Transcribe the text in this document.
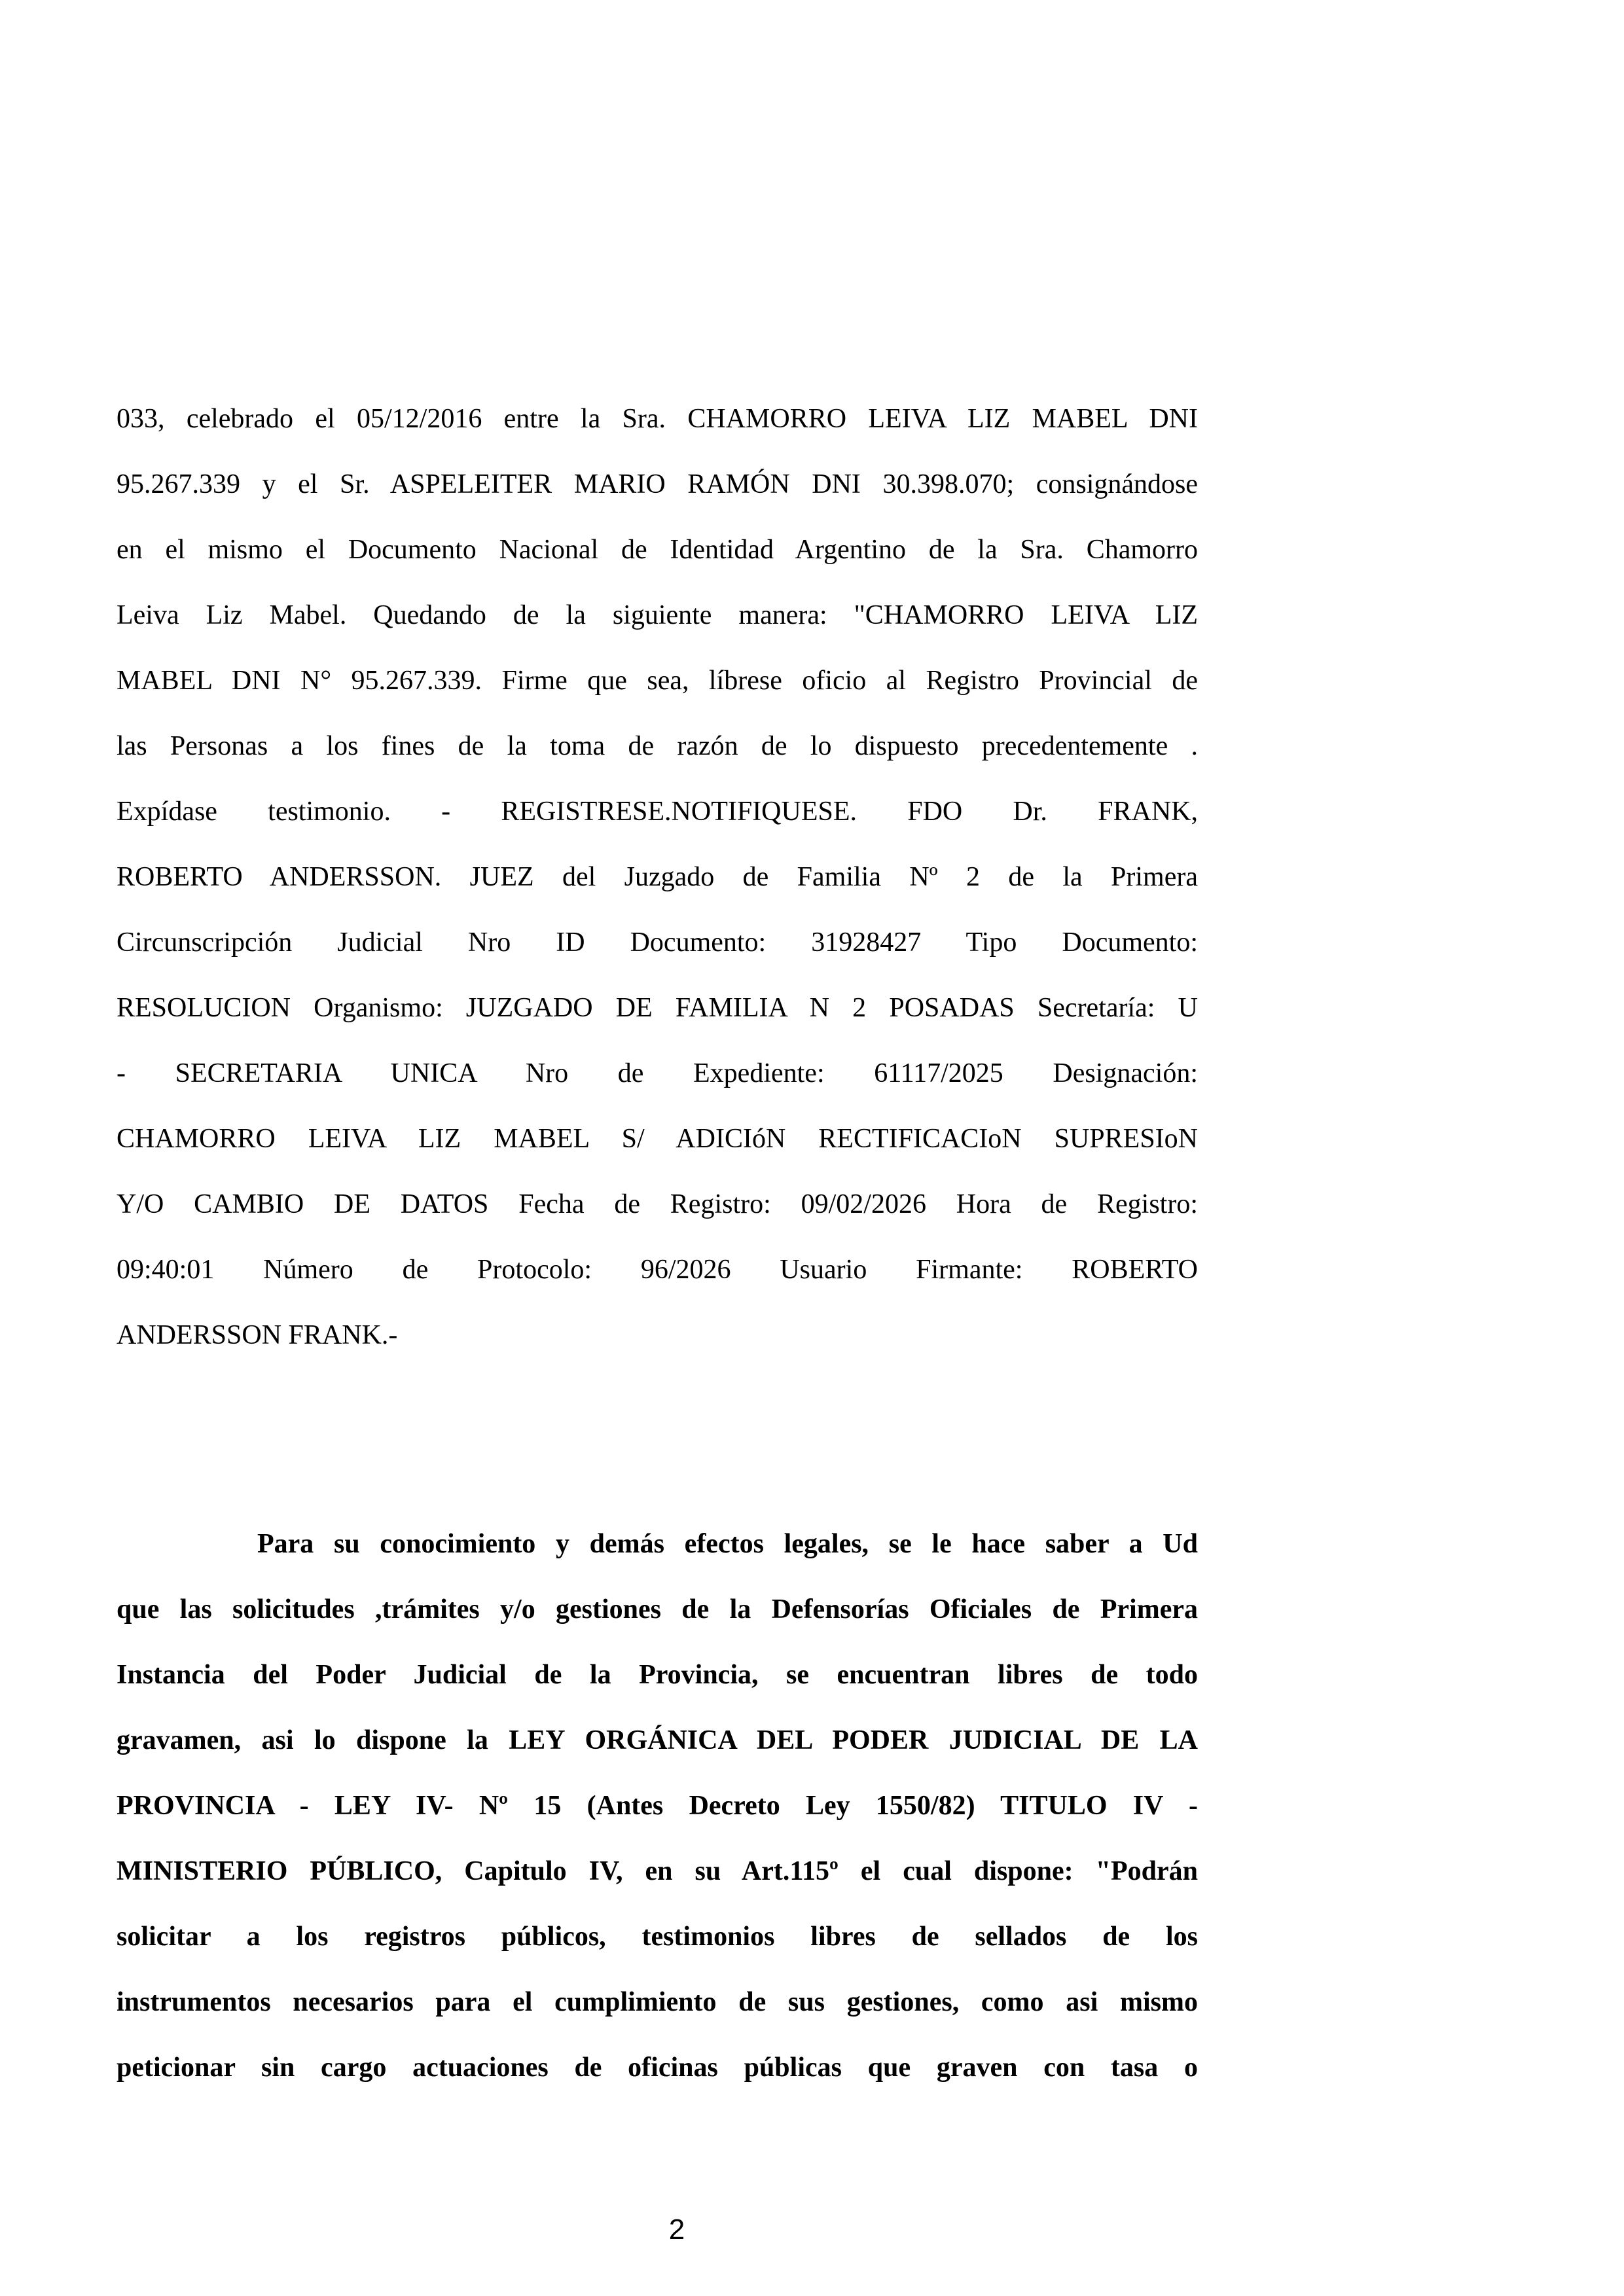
033, celebrado el 05/12/2016 entre la Sra. CHAMORRO LEIVA LIZ MABEL DNI
95.267.339 y el Sr. ASPELEITER MARIO RAMÓN DNI 30.398.070; consignándose
en el mismo el Documento Nacional de Identidad Argentino de la Sra. Chamorro
Leiva Liz Mabel. Quedando de la siguiente manera: "CHAMORRO LEIVA LIZ
MABEL DNI N° 95.267.339. Firme que sea, líbrese oficio al Registro Provincial de
las Personas a los fines de la toma de razón de lo dispuesto precedentemente .
Expídase testimonio. - REGISTRESE.NOTIFIQUESE. FDO Dr. FRANK,
ROBERTO ANDERSSON. JUEZ del Juzgado de Familia Nº 2 de la Primera
Circunscripción Judicial Nro ID Documento: 31928427 Tipo Documento:
RESOLUCION Organismo: JUZGADO DE FAMILIA N 2 POSADAS Secretaría: U
- SECRETARIA UNICA Nro de Expediente: 61117/2025 Designación:
CHAMORRO LEIVA LIZ MABEL S/ ADICIóN RECTIFICACIoN SUPRESIoN
Y/O CAMBIO DE DATOS Fecha de Registro: 09/02/2026 Hora de Registro:
09:40:01 Número de Protocolo: 96/2026 Usuario Firmante: ROBERTO
ANDERSSON FRANK.-
Para su conocimiento y demás efectos legales, se le hace saber a Ud
que las solicitudes ,trámites y/o gestiones de la Defensorías Oficiales de Primera
Instancia del Poder Judicial de la Provincia, se encuentran libres de todo
gravamen, asi lo dispone la LEY ORGÁNICA DEL PODER JUDICIAL DE LA
PROVINCIA - LEY IV- Nº 15 (Antes Decreto Ley 1550/82) TITULO IV -
MINISTERIO PÚBLICO, Capitulo IV, en su Art.115º el cual dispone: "Podrán
solicitar a los registros públicos, testimonios libres de sellados de los
instrumentos necesarios para el cumplimiento de sus gestiones, como asi mismo
peticionar sin cargo actuaciones de oficinas públicas que graven con tasa o
2
